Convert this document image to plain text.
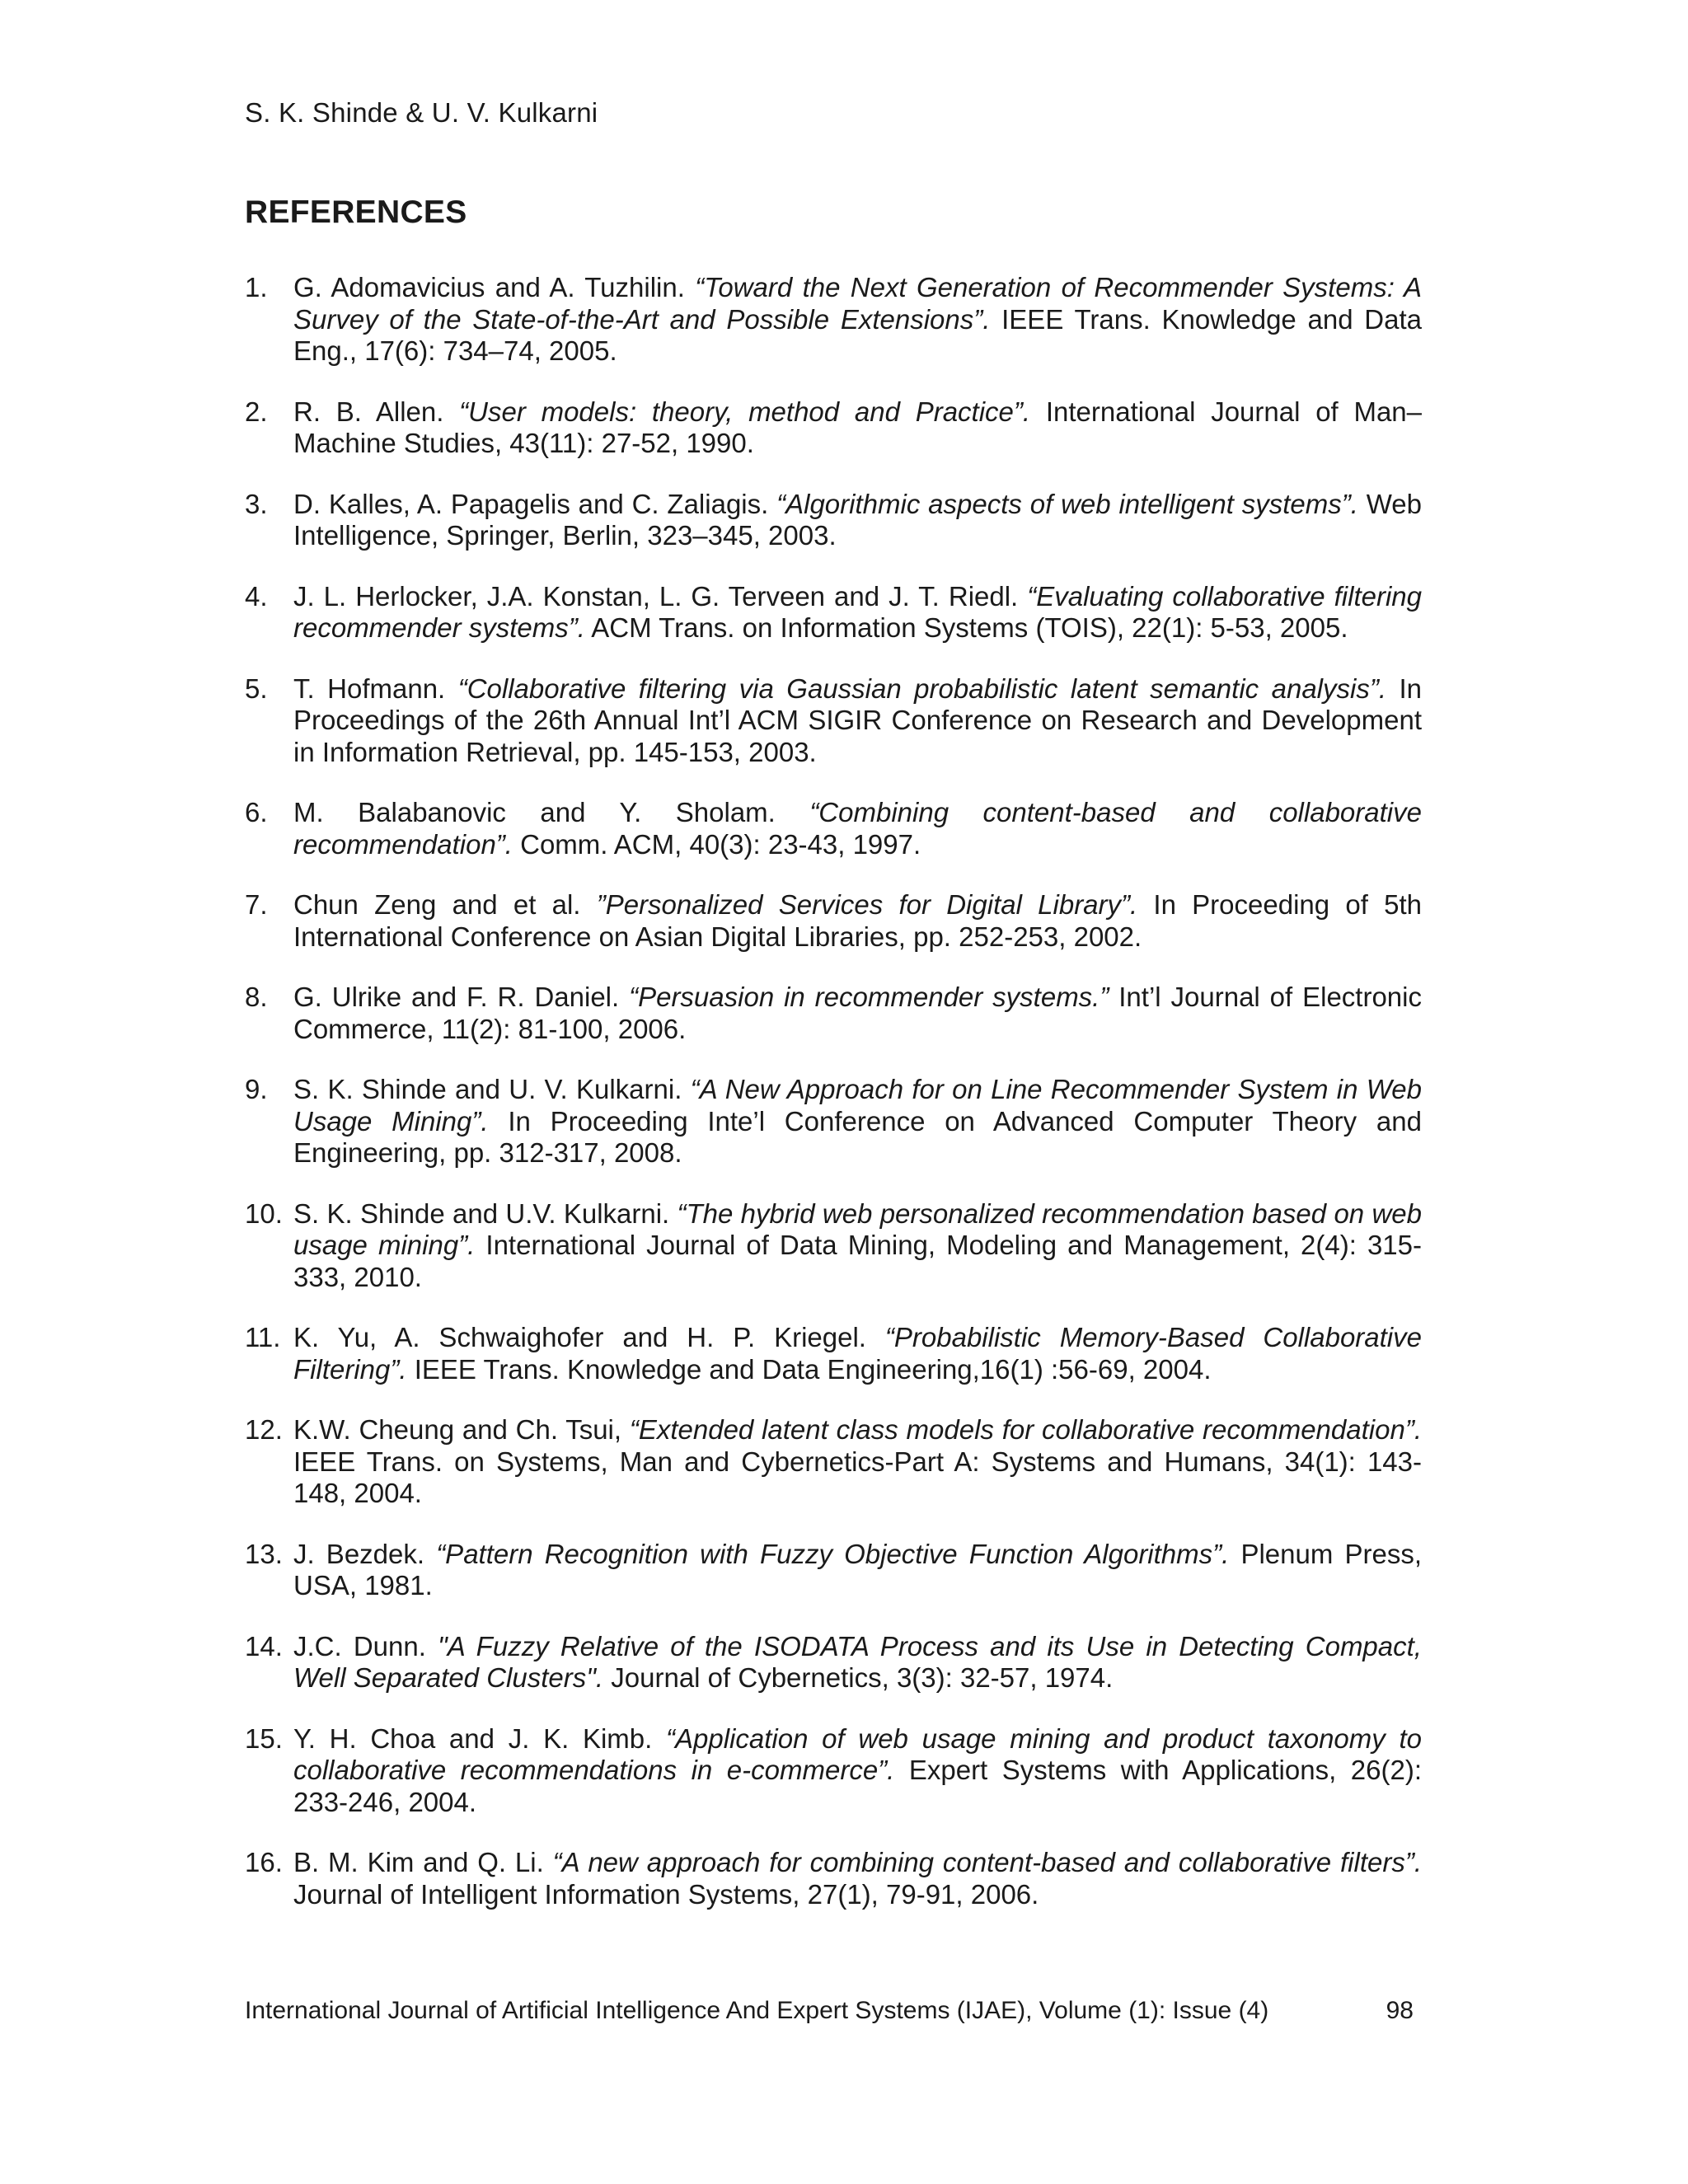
S. K. Shinde & U. V. Kulkarni
REFERENCES
1. G. Adomavicius and A. Tuzhilin. “Toward the Next Generation of Recommender Systems: A Survey of the State-of-the-Art and Possible Extensions”. IEEE Trans. Knowledge and Data Eng., 17(6): 734–74, 2005.
2. R. B. Allen. “User models: theory, method and Practice”. International Journal of Man–Machine Studies, 43(11): 27-52, 1990.
3. D. Kalles, A. Papagelis and C. Zaliagis. “Algorithmic aspects of web intelligent systems”. Web Intelligence, Springer, Berlin, 323–345, 2003.
4. J. L. Herlocker, J.A. Konstan, L. G. Terveen and J. T. Riedl. “Evaluating collaborative filtering recommender systems”. ACM Trans. on Information Systems (TOIS), 22(1): 5-53, 2005.
5. T. Hofmann. “Collaborative filtering via Gaussian probabilistic latent semantic analysis”. In Proceedings of the 26th Annual Int’l ACM SIGIR Conference on Research and Development in Information Retrieval, pp. 145-153, 2003.
6. M. Balabanovic and Y. Sholam. “Combining content-based and collaborative recommendation”. Comm. ACM, 40(3): 23-43, 1997.
7. Chun Zeng and et al. ”Personalized Services for Digital Library”. In Proceeding of 5th International Conference on Asian Digital Libraries, pp. 252-253, 2002.
8. G. Ulrike and F. R. Daniel. “Persuasion in recommender systems.” Int’l Journal of Electronic Commerce, 11(2): 81-100, 2006.
9. S. K. Shinde and U. V. Kulkarni. “A New Approach for on Line Recommender System in Web Usage Mining”. In Proceeding Inte’l Conference on Advanced Computer Theory and Engineering, pp. 312-317, 2008.
10. S. K. Shinde and U.V. Kulkarni. “The hybrid web personalized recommendation based on web usage mining”. International Journal of Data Mining, Modeling and Management, 2(4): 315-333, 2010.
11. K. Yu, A. Schwaighofer and H. P. Kriegel. “Probabilistic Memory-Based Collaborative Filtering”. IEEE Trans. Knowledge and Data Engineering,16(1) :56-69, 2004.
12. K.W. Cheung and Ch. Tsui, “Extended latent class models for collaborative recommendation”. IEEE Trans. on Systems, Man and Cybernetics-Part A: Systems and Humans, 34(1): 143-148, 2004.
13. J. Bezdek. “Pattern Recognition with Fuzzy Objective Function Algorithms”. Plenum Press, USA, 1981.
14. J.C. Dunn. "A Fuzzy Relative of the ISODATA Process and its Use in Detecting Compact, Well Separated Clusters". Journal of Cybernetics, 3(3): 32-57, 1974.
15. Y. H. Choa and J. K. Kimb. “Application of web usage mining and product taxonomy to collaborative recommendations in e-commerce”. Expert Systems with Applications, 26(2): 233-246, 2004.
16. B. M. Kim and Q. Li. “A new approach for combining content-based and collaborative filters”. Journal of Intelligent Information Systems, 27(1), 79-91, 2006.
International Journal of Artificial Intelligence And Expert Systems (IJAE), Volume (1): Issue (4)	98
